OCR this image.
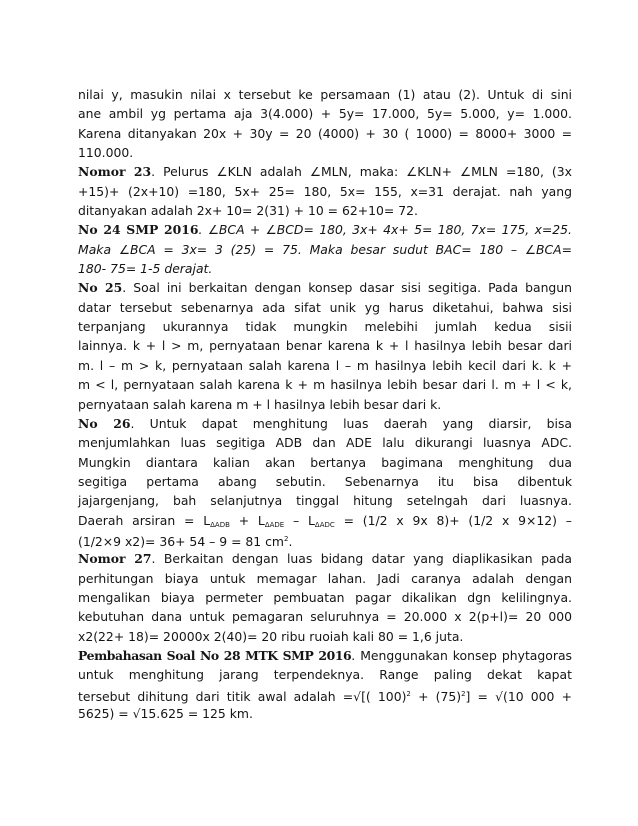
nilai y, masukin nilai x tersebut ke persamaan (1) atau (2). Untuk di sini
ane ambil yg pertama aja 3(4.000) + 5y= 17.000, 5y= 5.000, y= 1.000.
Karena ditanyakan 20x + 30y = 20 (4000) + 30 ( 1000) = 8000+ 3000 =
110.000.
Nomor 23. Pelurus ∠KLN adalah ∠MLN, maka: ∠KLN+ ∠MLN =180, (3x
+15)+ (2x+10) =180, 5x+ 25= 180, 5x= 155, x=31 derajat. nah yang
ditanyakan adalah 2x+ 10= 2(31) + 10 = 62+10= 72.
No 24 SMP 2016. ∠BCA + ∠BCD= 180, 3x+ 4x+ 5= 180, 7x= 175, x=25.
Maka ∠BCA = 3x= 3 (25) = 75. Maka besar sudut BAC= 180 – ∠BCA=
180- 75= 1-5 derajat.
No 25. Soal ini berkaitan dengan konsep dasar sisi segitiga. Pada bangun
datar tersebut sebenarnya ada sifat unik yg harus diketahui, bahwa sisi
terpanjang ukurannya tidak mungkin melebihi jumlah kedua sisii
lainnya. k + l > m, pernyataan benar karena k + l hasilnya lebih besar dari
m. l – m > k, pernyataan salah karena l – m hasilnya lebih kecil dari k. k +
m < l, pernyataan salah karena k + m hasilnya lebih besar dari l. m + l < k,
pernyataan salah karena m + l hasilnya lebih besar dari k.
No 26. Untuk dapat menghitung luas daerah yang diarsir, bisa
menjumlahkan luas segitiga ADB dan ADE lalu dikurangi luasnya ADC.
Mungkin diantara kalian akan bertanya bagimana menghitung dua
segitiga pertama abang sebutin. Sebenarnya itu bisa dibentuk
jajargenjang, bah selanjutnya tinggal hitung setelngah dari luasnya.
Daerah arsiran = $L_{\Delta ADB} + L_{\Delta ADE} - L_{\Delta ADC} = (1/2$ x 9x 8)+ (1/2 x 9×12) –
(1/2×9 x2)= 36+ 54 – 9 = 81 $cm^2$.
Nomor 27. Berkaitan dengan luas bidang datar yang diaplikasikan pada
perhitungan biaya untuk memagar lahan. Jadi caranya adalah dengan
mengalikan biaya permeter pembuatan pagar dikalikan dgn kelilingnya.
kebutuhan dana untuk pemagaran seluruhnya = 20.000 x 2(p+l)= 20 000
x2(22+ 18)= 20000x 2(40)= 20 ribu ruoiah kali 80 = 1,6 juta.
Pembahasan Soal No 28 MTK SMP 2016. Menggunakan konsep phytagoras
untuk menghitung jarang terpendeknya. Range paling dekat kapat
tersebut dihitung dari titik awal adalah =√[( $100)^2 + (75)^2] = √(10$ 000 +
5625) = √15.625 = 125 km.
